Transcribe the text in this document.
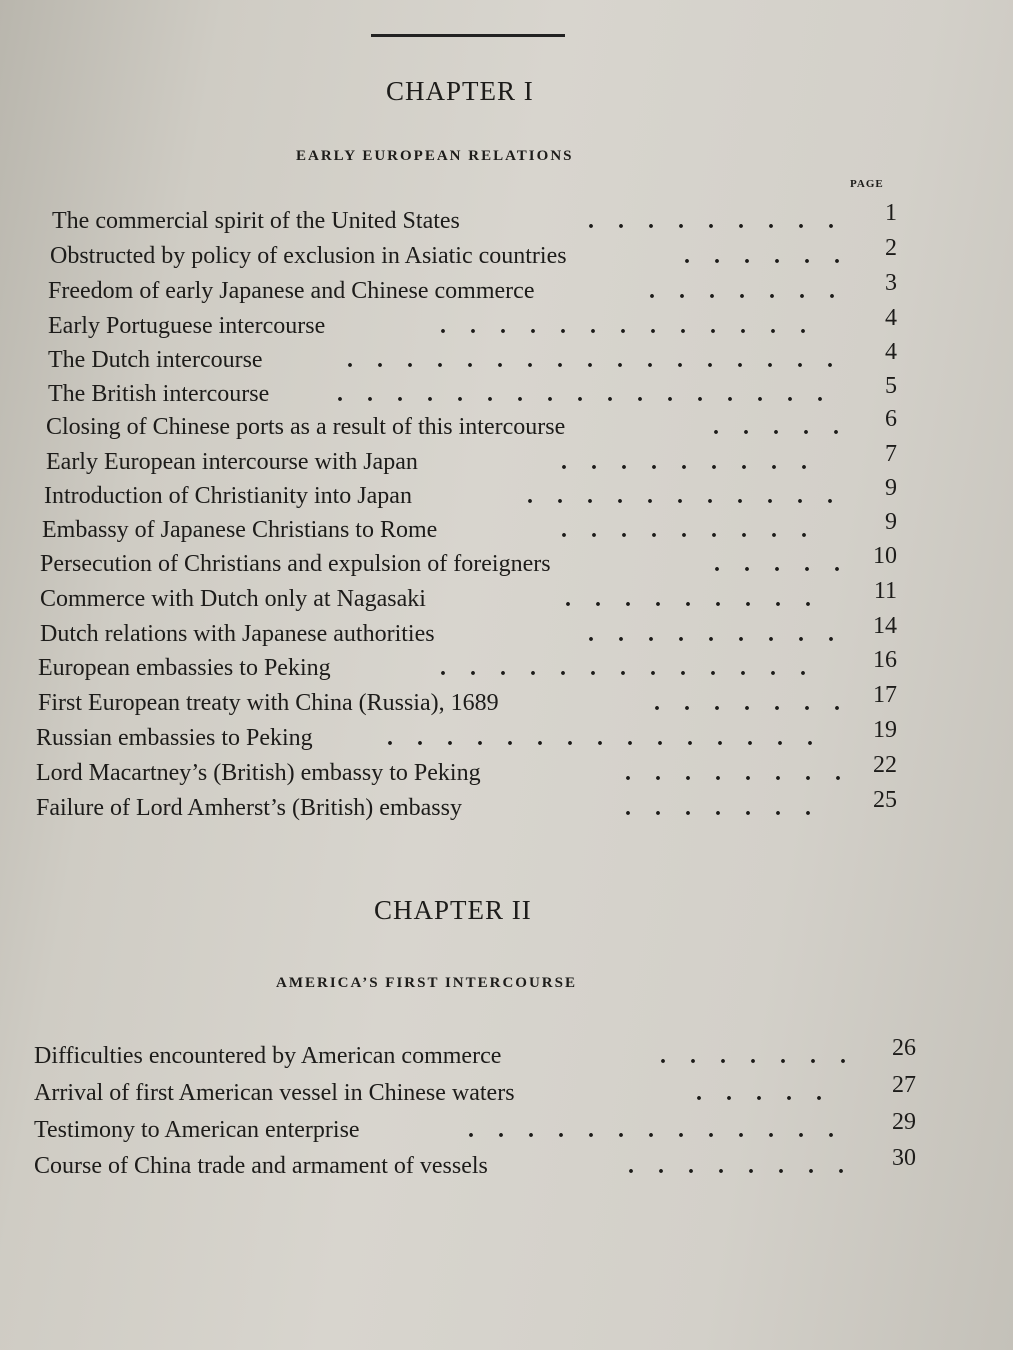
CHAPTER I
EARLY EUROPEAN RELATIONS
PAGE
The commercial spirit of the United States	.........	1
Obstructed by policy of exclusion in Asiatic countries	...... 2
Freedom of early Japanese and Chinese commerce	.......	3
Early Portuguese intercourse	.............	4
The Dutch intercourse	.................	4
The British intercourse	.................	5
Closing of Chinese ports as a result of this intercourse	..... 6
Early European intercourse with Japan	.........	7
Introduction of Christianity into Japan	...........	9
Embassy of Japanese Christians to Rome	.........	9
Persecution of Christians and expulsion of foreigners	..... 10
Commerce with Dutch only at Nagasaki	.........	11
Dutch relations with Japanese authorities	......... 14
European embassies to Peking	.............	16
First European treaty with China (Russia), 1689	....... 17
Russian embassies to Peking	...............	19
Lord Macartney’s (British) embassy to Peking	........ 22
Failure of Lord Amherst’s (British) embassy	.......	25
CHAPTER II
AMERICA’S FIRST INTERCOURSE
Difficulties encountered by American commerce	....... 26
Arrival of first American vessel in Chinese waters	.....	27
Testimony to American enterprise	.............	29
Course of China trade and armament of vessels	........	30
